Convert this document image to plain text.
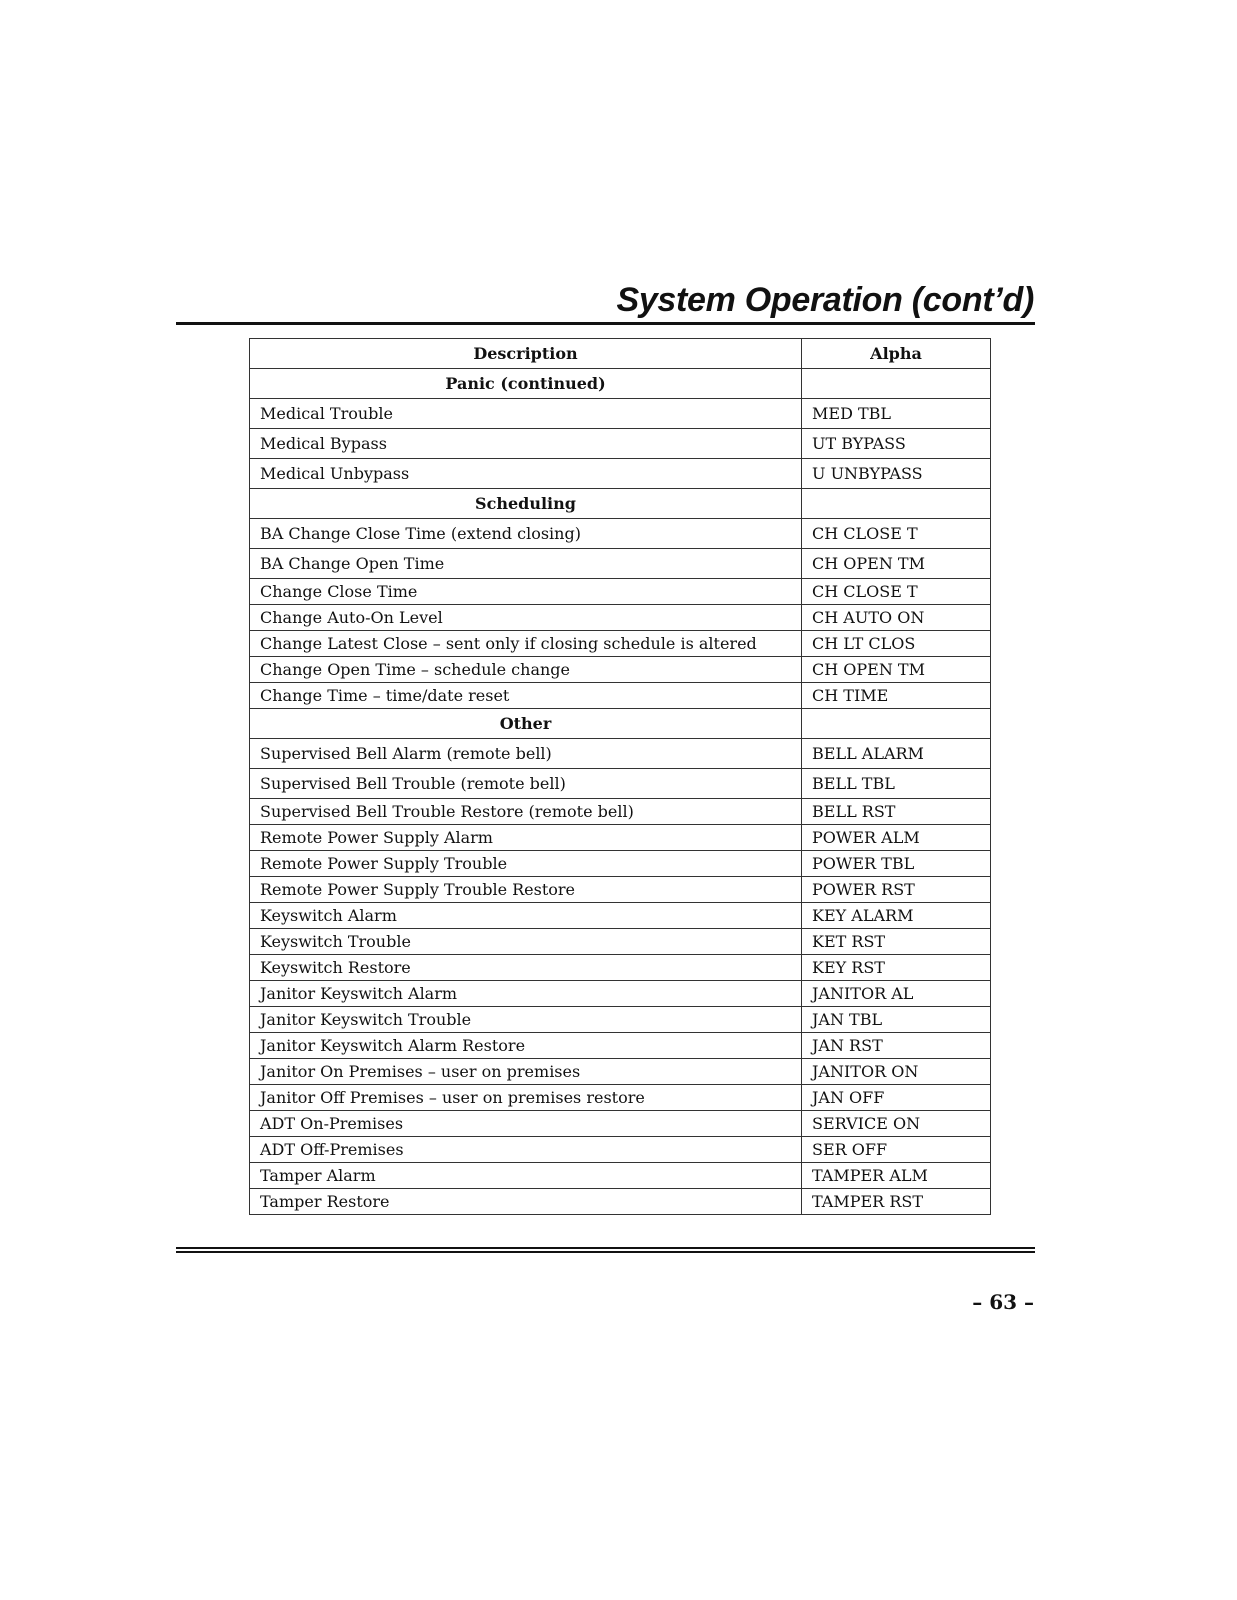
System Operation (cont’d)
Description	Alpha
Panic (continued)	
Medical Trouble	MED TBL
Medical Bypass	UT BYPASS
Medical Unbypass	U UNBYPASS
Scheduling	
BA Change Close Time (extend closing)	CH CLOSE T
BA Change Open Time	CH OPEN TM
Change Close Time	CH CLOSE T
Change Auto-On Level	CH AUTO ON
Change Latest Close – sent only if closing schedule is altered	CH LT CLOS
Change Open Time – schedule change	CH OPEN TM
Change Time – time/date reset	CH TIME
Other	
Supervised Bell Alarm (remote bell)	BELL ALARM
Supervised Bell Trouble (remote bell)	BELL TBL
Supervised Bell Trouble Restore (remote bell)	BELL RST
Remote Power Supply Alarm	POWER ALM
Remote Power Supply Trouble	POWER TBL
Remote Power Supply Trouble Restore	POWER RST
Keyswitch Alarm	KEY ALARM
Keyswitch Trouble	KET RST
Keyswitch Restore	KEY RST
Janitor Keyswitch Alarm	JANITOR AL
Janitor Keyswitch Trouble	JAN TBL
Janitor Keyswitch Alarm Restore	JAN RST
Janitor On Premises – user on premises	JANITOR ON
Janitor Off Premises – user on premises restore	JAN OFF
ADT On-Premises	SERVICE ON
ADT Off-Premises	SER OFF
Tamper Alarm	TAMPER ALM
Tamper Restore	TAMPER RST
– 63 –
